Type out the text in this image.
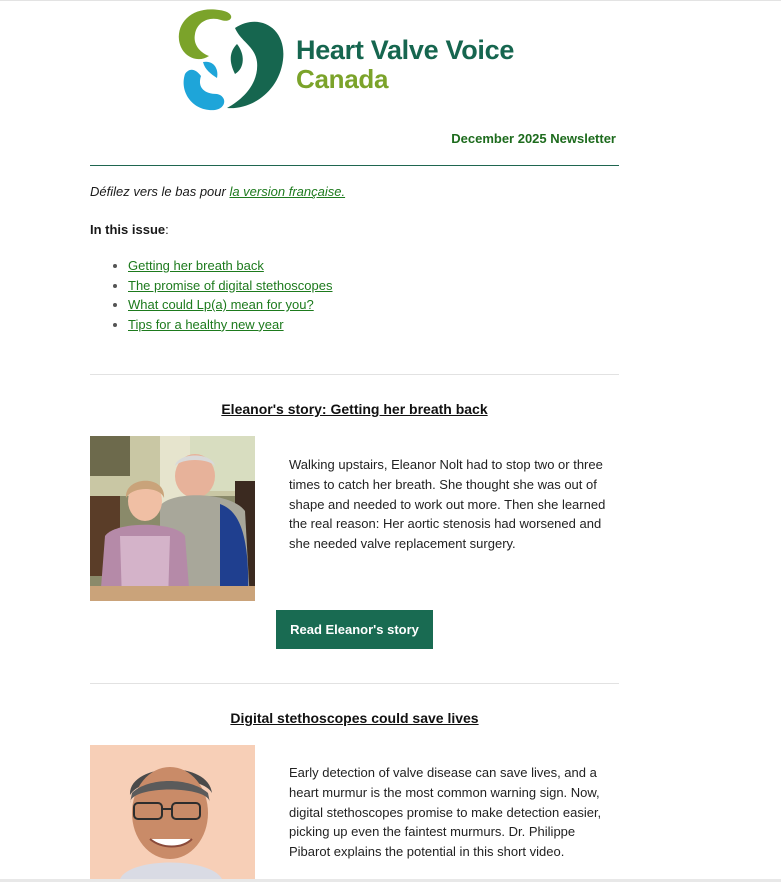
Heart Valve Voice
Canada
December 2025 Newsletter
Défilez vers le bas pour la version française.
In this issue:
• Getting her breath back
• The promise of digital stethoscopes
• What could Lp(a) mean for you?
• Tips for a healthy new year
Eleanor's story: Getting her breath back
Walking upstairs, Eleanor Nolt had to stop two or three times to catch her breath. She thought she was out of shape and needed to work out more. Then she learned the real reason: Her aortic stenosis had worsened and she needed valve replacement surgery.
Read Eleanor's story
Digital stethoscopes could save lives
Early detection of valve disease can save lives, and a heart murmur is the most common warning sign. Now, digital stethoscopes promise to make detection easier, picking up even the faintest murmurs. Dr. Philippe Pibarot explains the potential in this short video.
